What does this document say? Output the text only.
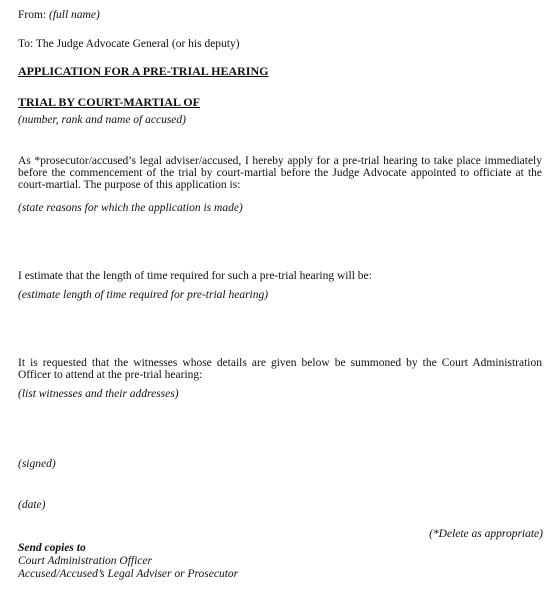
From: (full name)
To: The Judge Advocate General (or his deputy)
APPLICATION FOR A PRE-TRIAL HEARING
TRIAL BY COURT-MARTIAL OF
(number, rank and name of accused)
As *prosecutor/accused’s legal adviser/accused, I hereby apply for a pre-trial hearing to take place immediately before the commencement of the trial by court-martial before the Judge Advocate appointed to officiate at the court-martial. The purpose of this application is:
(state reasons for which the application is made)
I estimate that the length of time required for such a pre-trial hearing will be:
(estimate length of time required for pre-trial hearing)
It is requested that the witnesses whose details are given below be summoned by the Court Administration Officer to attend at the pre-trial hearing:
(list witnesses and their addresses)
(signed)
(date)
(*Delete as appropriate)
Send copies to
Court Administration Officer
Accused/Accused’s Legal Adviser or Prosecutor
